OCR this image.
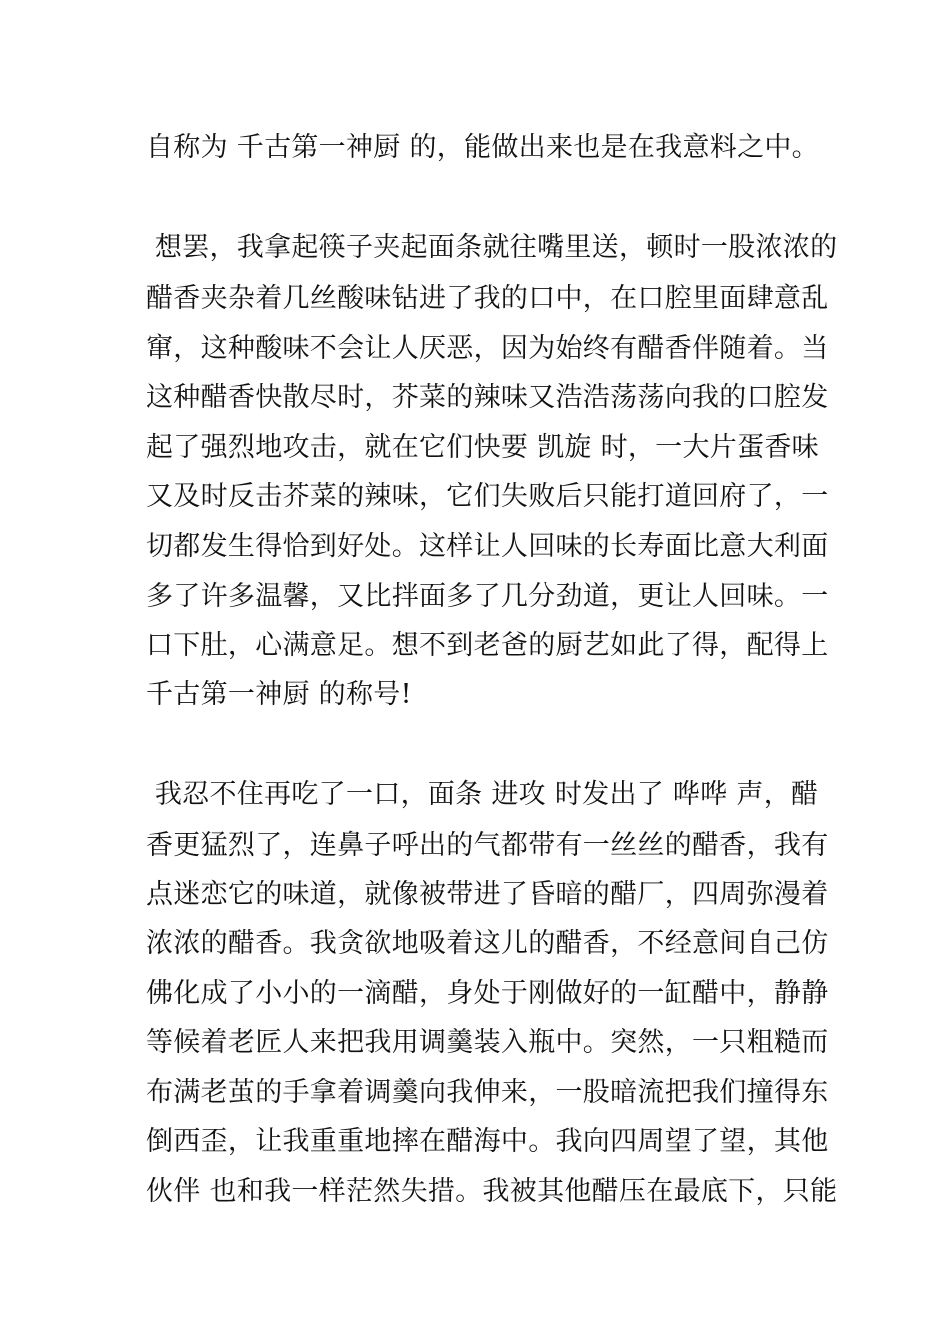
自称为 千古第一神厨 的，能做出来也是在我意料之中。
想罢，我拿起筷子夹起面条就往嘴里送，顿时一股浓浓的
醋香夹杂着几丝酸味钻进了我的口中，在口腔里面肆意乱
窜，这种酸味不会让人厌恶，因为始终有醋香伴随着。当
这种醋香快散尽时，芥菜的辣味又浩浩荡荡向我的口腔发
起了强烈地攻击，就在它们快要 凯旋 时，一大片蛋香味
又及时反击芥菜的辣味，它们失败后只能打道回府了，一
切都发生得恰到好处。这样让人回味的长寿面比意大利面
多了许多温馨，又比拌面多了几分劲道，更让人回味。一
口下肚，心满意足。想不到老爸的厨艺如此了得，配得上
千古第一神厨 的称号!
我忍不住再吃了一口，面条 进攻 时发出了 哗哗 声，醋
香更猛烈了，连鼻子呼出的气都带有一丝丝的醋香，我有
点迷恋它的味道，就像被带进了昏暗的醋厂，四周弥漫着
浓浓的醋香。我贪欲地吸着这儿的醋香，不经意间自己仿
佛化成了小小的一滴醋，身处于刚做好的一缸醋中，静静
等候着老匠人来把我用调羹装入瓶中。突然，一只粗糙而
布满老茧的手拿着调羹向我伸来，一股暗流把我们撞得东
倒西歪，让我重重地摔在醋海中。我向四周望了望，其他
伙伴 也和我一样茫然失措。我被其他醋压在最底下，只能
